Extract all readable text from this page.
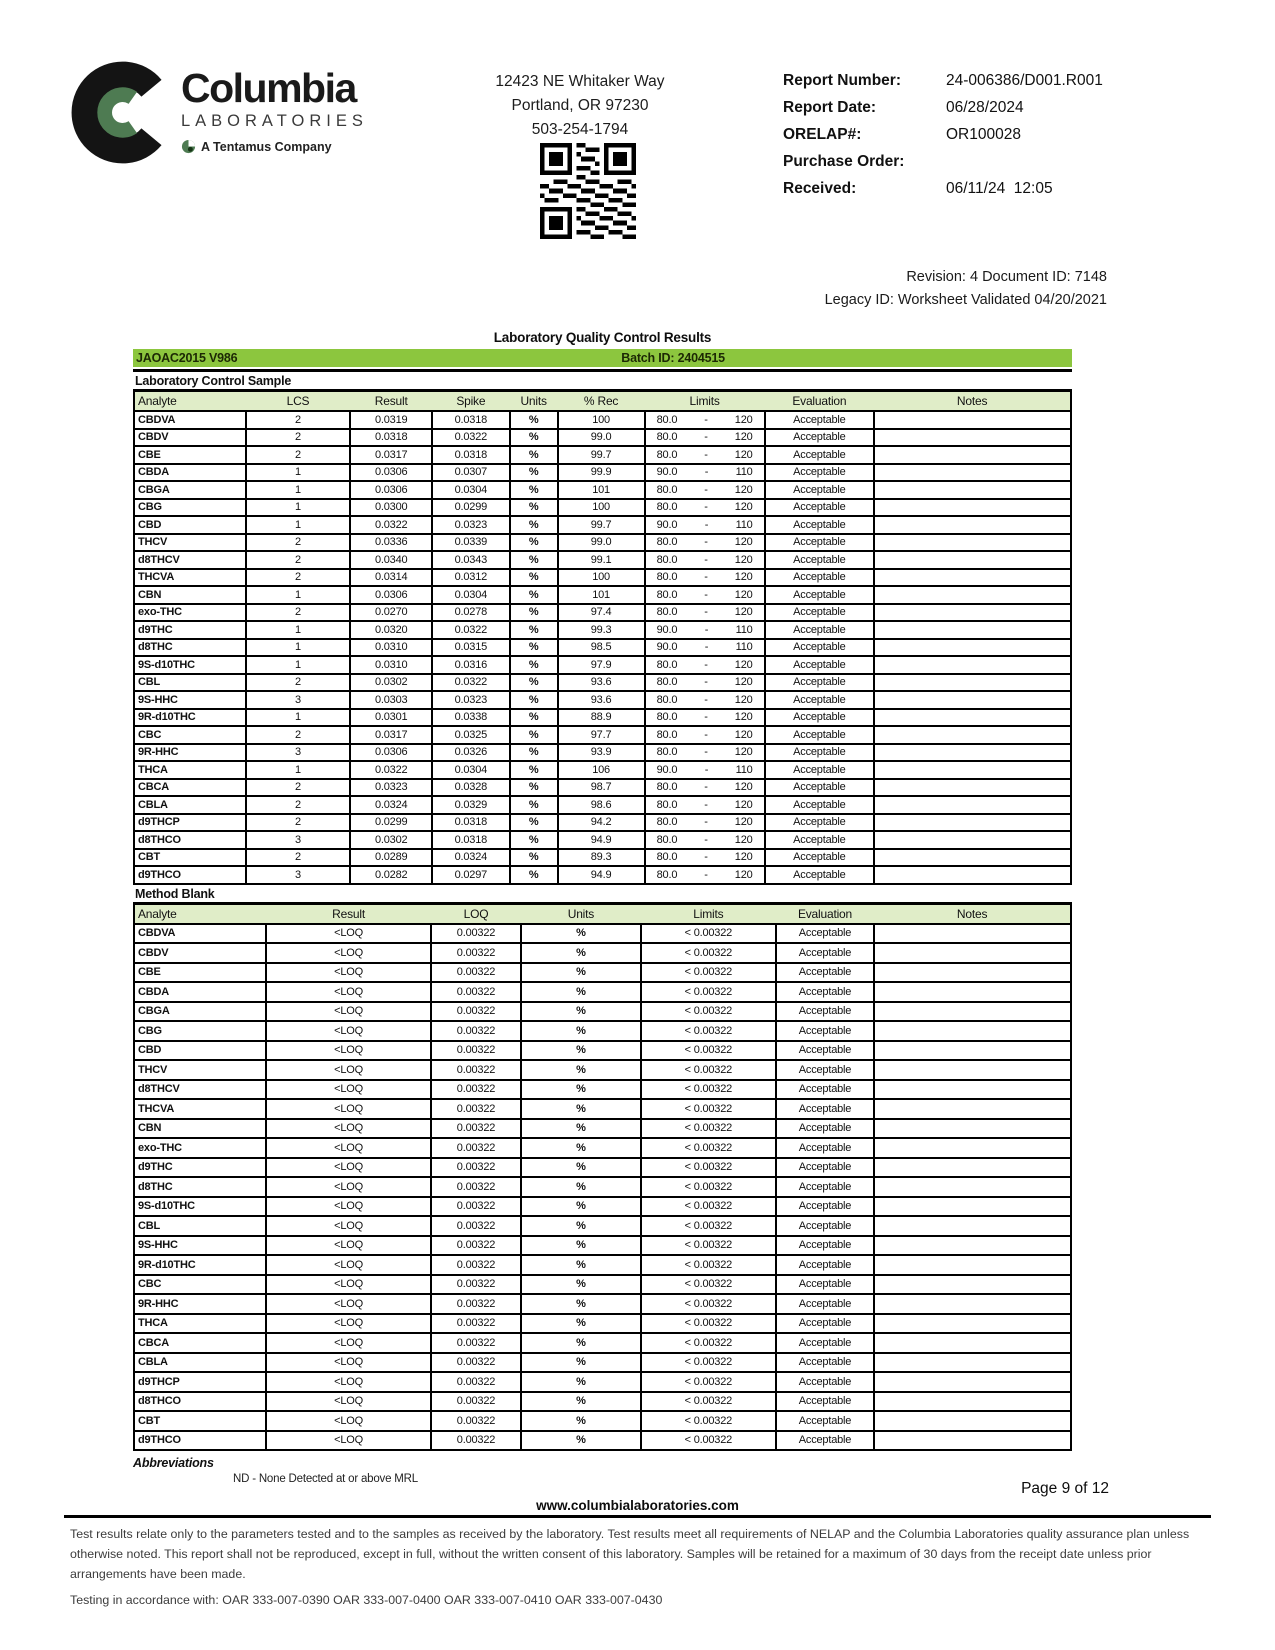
Columbia
LABORATORIES
A Tentamus Company
12423 NE Whitaker Way
Portland, OR 97230
503-254-1794
Report Number:	24-006386/D001.R001
Report Date:	06/28/2024
ORELAP#:	OR100028
Purchase Order:
Received:	06/11/24  12:05
Revision: 4 Document ID: 7148
Legacy ID: Worksheet Validated 04/20/2021
Laboratory Quality Control Results
JAOAC2015 V986	Batch ID: 2404515
Laboratory Control Sample
Analyte	LCS	Result	Spike	Units	% Rec	Limits	Evaluation	Notes
CBDVA	2	0.0319	0.0318	%	100	80.0 - 120	Acceptable	
CBDV	2	0.0318	0.0322	%	99.0	80.0 - 120	Acceptable	
CBE	2	0.0317	0.0318	%	99.7	80.0 - 120	Acceptable	
CBDA	1	0.0306	0.0307	%	99.9	90.0 - 110	Acceptable	
CBGA	1	0.0306	0.0304	%	101	80.0 - 120	Acceptable	
CBG	1	0.0300	0.0299	%	100	80.0 - 120	Acceptable	
CBD	1	0.0322	0.0323	%	99.7	90.0 - 110	Acceptable	
THCV	2	0.0336	0.0339	%	99.0	80.0 - 120	Acceptable	
d8THCV	2	0.0340	0.0343	%	99.1	80.0 - 120	Acceptable	
THCVA	2	0.0314	0.0312	%	100	80.0 - 120	Acceptable	
CBN	1	0.0306	0.0304	%	101	80.0 - 120	Acceptable	
exo-THC	2	0.0270	0.0278	%	97.4	80.0 - 120	Acceptable	
d9THC	1	0.0320	0.0322	%	99.3	90.0 - 110	Acceptable	
d8THC	1	0.0310	0.0315	%	98.5	90.0 - 110	Acceptable	
9S-d10THC	1	0.0310	0.0316	%	97.9	80.0 - 120	Acceptable	
CBL	2	0.0302	0.0322	%	93.6	80.0 - 120	Acceptable	
9S-HHC	3	0.0303	0.0323	%	93.6	80.0 - 120	Acceptable	
9R-d10THC	1	0.0301	0.0338	%	88.9	80.0 - 120	Acceptable	
CBC	2	0.0317	0.0325	%	97.7	80.0 - 120	Acceptable	
9R-HHC	3	0.0306	0.0326	%	93.9	80.0 - 120	Acceptable	
THCA	1	0.0322	0.0304	%	106	90.0 - 110	Acceptable	
CBCA	2	0.0323	0.0328	%	98.7	80.0 - 120	Acceptable	
CBLA	2	0.0324	0.0329	%	98.6	80.0 - 120	Acceptable	
d9THCP	2	0.0299	0.0318	%	94.2	80.0 - 120	Acceptable	
d8THCO	3	0.0302	0.0318	%	94.9	80.0 - 120	Acceptable	
CBT	2	0.0289	0.0324	%	89.3	80.0 - 120	Acceptable	
d9THCO	3	0.0282	0.0297	%	94.9	80.0 - 120	Acceptable	
Method Blank
Analyte	Result	LOQ	Units	Limits	Evaluation	Notes
CBDVA	<LOQ	0.00322	%	< 0.00322	Acceptable	
CBDV	<LOQ	0.00322	%	< 0.00322	Acceptable	
CBE	<LOQ	0.00322	%	< 0.00322	Acceptable	
CBDA	<LOQ	0.00322	%	< 0.00322	Acceptable	
CBGA	<LOQ	0.00322	%	< 0.00322	Acceptable	
CBG	<LOQ	0.00322	%	< 0.00322	Acceptable	
CBD	<LOQ	0.00322	%	< 0.00322	Acceptable	
THCV	<LOQ	0.00322	%	< 0.00322	Acceptable	
d8THCV	<LOQ	0.00322	%	< 0.00322	Acceptable	
THCVA	<LOQ	0.00322	%	< 0.00322	Acceptable	
CBN	<LOQ	0.00322	%	< 0.00322	Acceptable	
exo-THC	<LOQ	0.00322	%	< 0.00322	Acceptable	
d9THC	<LOQ	0.00322	%	< 0.00322	Acceptable	
d8THC	<LOQ	0.00322	%	< 0.00322	Acceptable	
9S-d10THC	<LOQ	0.00322	%	< 0.00322	Acceptable	
CBL	<LOQ	0.00322	%	< 0.00322	Acceptable	
9S-HHC	<LOQ	0.00322	%	< 0.00322	Acceptable	
9R-d10THC	<LOQ	0.00322	%	< 0.00322	Acceptable	
CBC	<LOQ	0.00322	%	< 0.00322	Acceptable	
9R-HHC	<LOQ	0.00322	%	< 0.00322	Acceptable	
THCA	<LOQ	0.00322	%	< 0.00322	Acceptable	
CBCA	<LOQ	0.00322	%	< 0.00322	Acceptable	
CBLA	<LOQ	0.00322	%	< 0.00322	Acceptable	
d9THCP	<LOQ	0.00322	%	< 0.00322	Acceptable	
d8THCO	<LOQ	0.00322	%	< 0.00322	Acceptable	
CBT	<LOQ	0.00322	%	< 0.00322	Acceptable	
d9THCO	<LOQ	0.00322	%	< 0.00322	Acceptable	
Abbreviations
ND - None Detected at or above MRL
Page 9 of 12
www.columbialaboratories.com
Test results relate only to the parameters tested and to the samples as received by the laboratory. Test results meet all requirements of NELAP and the Columbia Laboratories quality assurance plan unless otherwise noted. This report shall not be reproduced, except in full, without the written consent of this laboratory. Samples will be retained for a maximum of 30 days from the receipt date unless prior arrangements have been made.
Testing in accordance with: OAR 333-007-0390 OAR 333-007-0400 OAR 333-007-0410 OAR 333-007-0430
